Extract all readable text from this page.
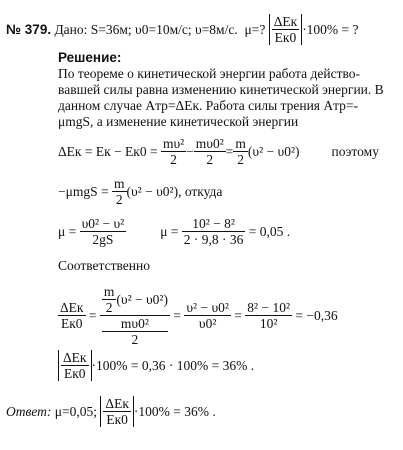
№ 379.
Дано: S=36м; υ0=10м/с; υ=8м/с.
μ=?
$\frac{\text{ΔEк}}{Eк0} \cdot 100\%$ = ?
Решение:
По теореме о кинетической энергии работа действо-
вавшей силы равна изменению кинетической энергии. В
данном случае Aтр=ΔEк. Работа силы трения Aтр=-
μmgS, а изменение кинетической энергии
ΔEк = Eк − Eк0 =
$\frac{\text{mυ²}}{2} - \frac{\text{mυ0²}}{2} = \frac{m}{2} (\upsilon^2 - \upsilon 0^2)$ поэтому
−μmgS =
$\frac{m}{2} (\upsilon^2 - \upsilon 0^2)$, откуда
μ =
$\frac{\text{υ0² − υ²}}{2gS}$	μ =
$\frac{\text{10² − 8²}}{2 \cdot 9,8 \cdot 36}$
= 0,05 .
Соответственно
$\frac{\text{ΔEк}}{Eк0}$
=
$\frac{m}{2} (\upsilon^2 - \upsilon 0^2)$
mυ0²
2
=
$\frac{\text{υ² − υ0²}}{\text{υ0²}}$
=
$\frac{\text{8² − 10²}}{\text{10²}}$
= −0,36
$\frac{\text{ΔEк}}{Eк0} \cdot 100\% = 0,36 \cdot 100\% = 36\%$ .
Ответ:
μ=0,05;
$\frac{\text{ΔEк}}{Eк0} \cdot 100\% = 36\%$ .
